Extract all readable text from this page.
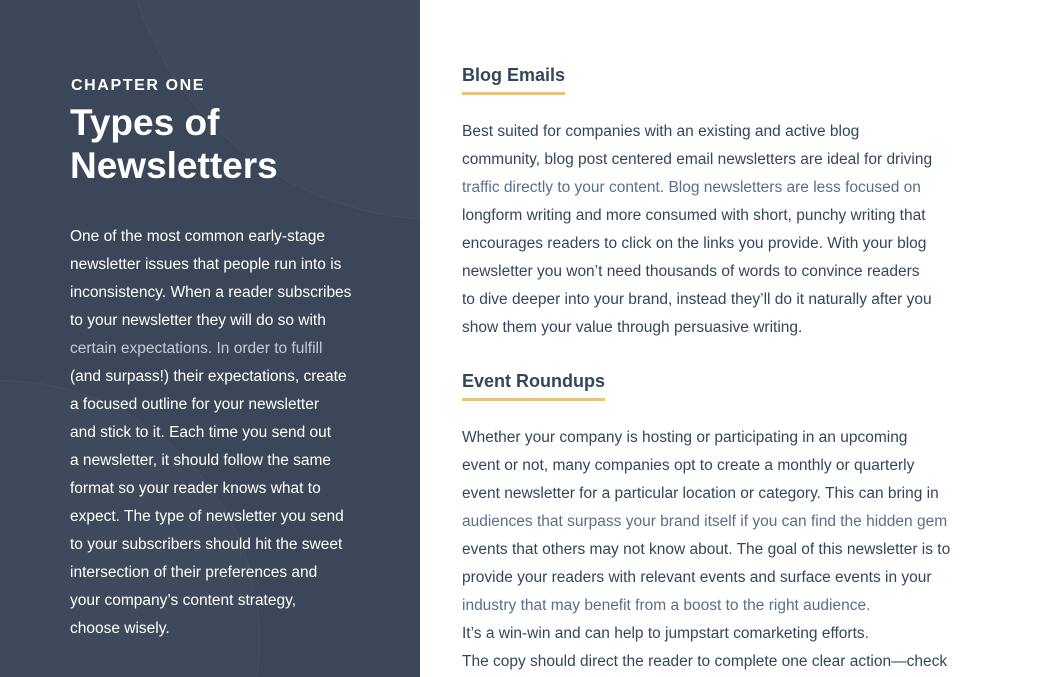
CHAPTER ONE
Types of Newsletters

One of the most common early-stage
newsletter issues that people run into is
inconsistency. When a reader subscribes
to your newsletter they will do so with
certain expectations. In order to fulfill
(and surpass!) their expectations, create
a focused outline for your newsletter
and stick to it. Each time you send out
a newsletter, it should follow the same
format so your reader knows what to
expect. The type of newsletter you send
to your subscribers should hit the sweet
intersection of their preferences and
your company’s content strategy,
choose wisely.

Blog Emails

Best suited for companies with an existing and active blog
community, blog post centered email newsletters are ideal for driving
traffic directly to your content. Blog newsletters are less focused on
longform writing and more consumed with short, punchy writing that
encourages readers to click on the links you provide. With your blog
newsletter you won’t need thousands of words to convince readers
to dive deeper into your brand, instead they’ll do it naturally after you
show them your value through persuasive writing.

Event Roundups

Whether your company is hosting or participating in an upcoming
event or not, many companies opt to create a monthly or quarterly
event newsletter for a particular location or category. This can bring in
audiences that surpass your brand itself if you can find the hidden gem
events that others may not know about. The goal of this newsletter is to
provide your readers with relevant events and surface events in your
industry that may benefit from a boost to the right audience.
It’s a win-win and can help to jumpstart comarketing efforts.
The copy should direct the reader to complete one clear action—check
